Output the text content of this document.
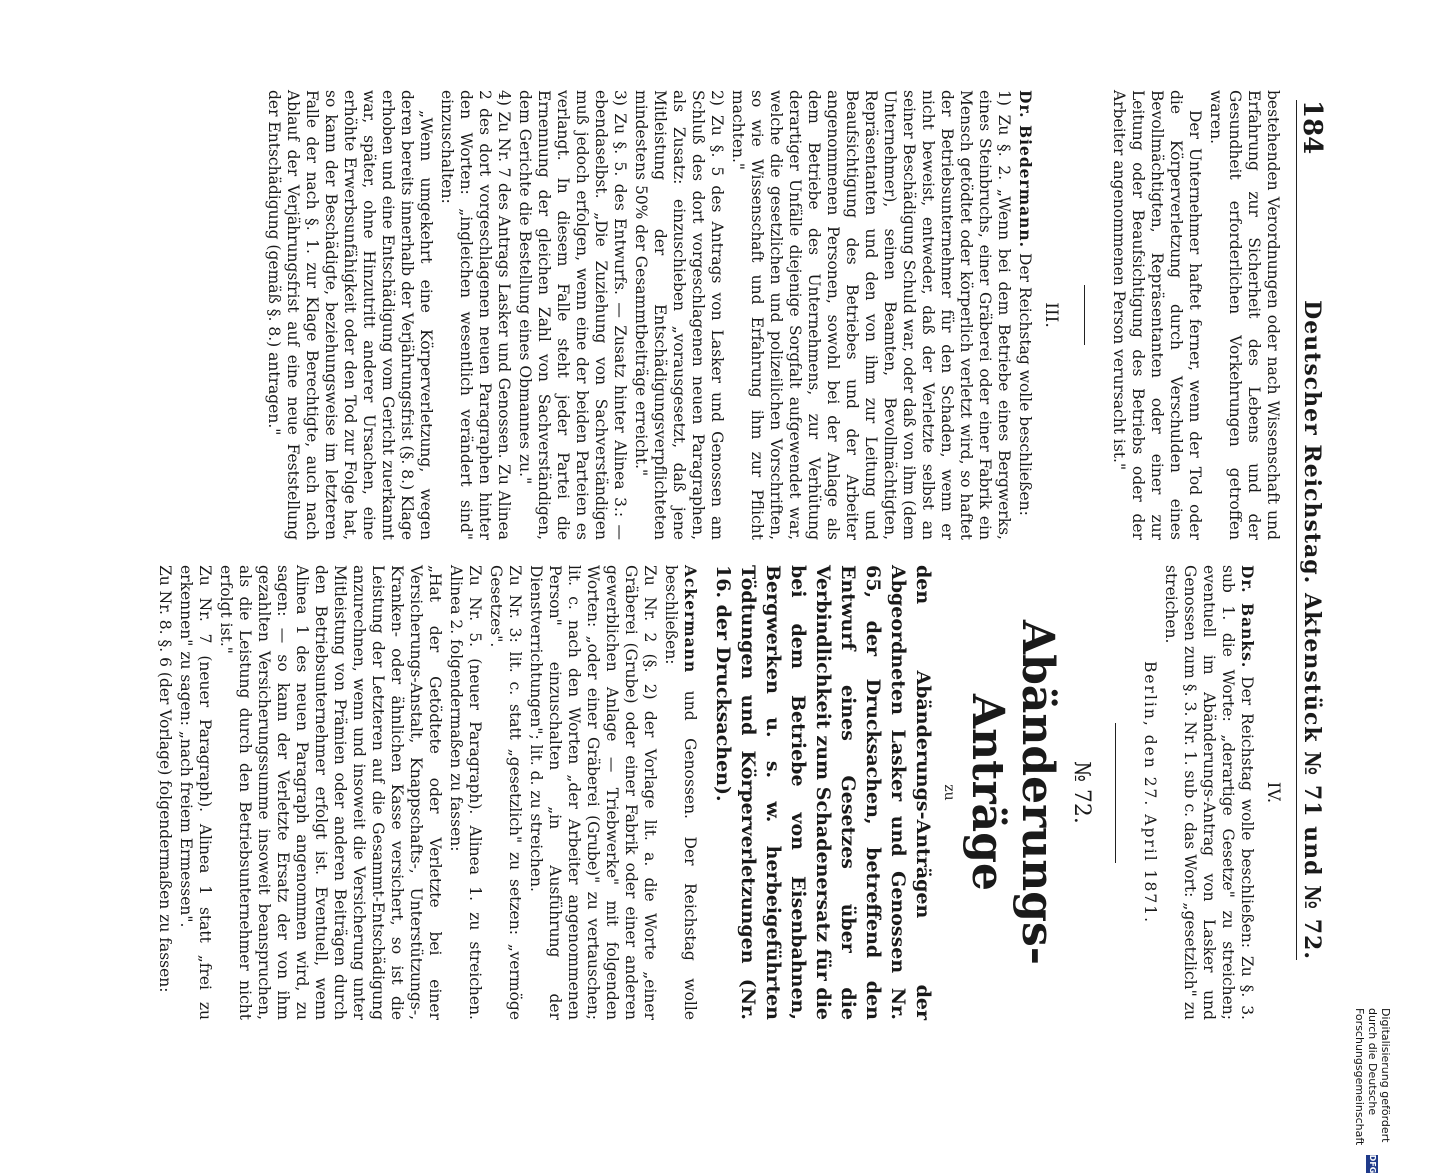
184
Deutscher Reichstag. Aktenstück № 71 und № 72.

bestehenden Verordnungen oder nach Wissenschaft und Erfahrung zur Sicherheit des Lebens und der Gesundheit erforderlichen Vorkehrungen getroffen waren.

Der Unternehmer haftet ferner, wenn der Tod oder die Körperverletzung durch Verschulden eines Bevollmächtigten, Repräsentanten oder einer zur Leitung oder Beaufsichtigung des Betriebs oder der Arbeiter angenommenen Person verursacht ist."

III.

Dr. Biedermann. Der Reichstag wolle beschließen:

1) Zu §. 2. „Wenn bei dem Betriebe eines Bergwerks, eines Steinbruchs, einer Gräberei oder einer Fabrik ein Mensch getödtet oder körperlich verletzt wird, so haftet der Betriebsunternehmer für den Schaden, wenn er nicht beweist, entweder, daß der Verletzte selbst an seiner Beschädigung Schuld war, oder daß von ihm (dem Unternehmer), seinen Beamten, Bevollmächtigten, Repräsentanten und den von ihm zur Leitung und Beaufsichtigung des Betriebes und der Arbeiter angenommenen Personen, sowohl bei der Anlage als dem Betriebe des Unternehmens, zur Verhütung derartiger Unfälle diejenige Sorgfalt aufgewendet war, welche die gesetzlichen und polizeilichen Vorschriften, so wie Wissenschaft und Erfahrung ihm zur Pflicht machten."

2) Zu §. 5 des Antrags von Lasker und Genossen am Schluß des dort vorgeschlagenen neuen Paragraphen, als Zusatz: einzuschieben „vorausgesetzt, daß jene Mitleistung der Entschädigungsverpflichteten mindestens 50% der Gesammtbeiträge erreicht."

3) Zu §. 5. des Entwurfs. — Zusatz hinter Alinea 3.: — ebendaselbst. „Die Zuziehung von Sachverständigen muß jedoch erfolgen, wenn eine der beiden Parteien es verlangt. In diesem Falle steht jeder Partei die Ernennung der gleichen Zahl von Sachverständigen, dem Gerichte die Bestellung eines Obmannes zu."

4) Zu Nr. 7 des Antrags Lasker und Genossen. Zu Alinea 2 des dort vorgeschlagenen neuen Paragraphen hinter den Worten: „ingleichen wesentlich verändert sind" einzuschalten:

„Wenn umgekehrt eine Körperverletzung, wegen deren bereits innerhalb der Verjährungsfrist (§. 8.) Klage erhoben und eine Entschädigung vom Gericht zuerkannt war, später, ohne Hinzutritt anderer Ursachen, eine erhöhte Erwerbsunfähigkeit oder den Tod zur Folge hat, so kann der Beschädigte, beziehungsweise im letzteren Falle der nach §. 1. zur Klage Berechtigte, auch nach Ablauf der Verjährungsfrist auf eine neue Feststellung der Entschädigung (gemäß §. 8.) antragen."

IV.

Dr. Banks. Der Reichstag wolle beschließen: Zu §. 3. sub 1. die Worte: „derartige Gesetze" zu streichen; eventuell im Abänderungs-Antrag von Lasker und Genossen zum §. 3. Nr. 1. sub c. das Wort: „gesetzlich" zu streichen.

Berlin, den 27. April 1871.

№ 72.
Abänderungs-Anträge
zu
den Abänderungs-Anträgen der Abgeordneten Lasker und Genossen Nr. 65, der Drucksachen, betreffend den Entwurf eines Gesetzes über die Verbindlichkeit zum Schadenersatz für die bei dem Betriebe von Eisenbahnen, Bergwerken u. s. w. herbeigeführten Tödtungen und Körperverletzungen (Nr. 16. der Drucksachen).

Ackermann und Genossen. Der Reichstag wolle beschließen:

Zu Nr. 2 (§. 2) der Vorlage lit. a. die Worte „einer Gräberei (Grube) oder einer Fabrik oder einer anderen gewerblichen Anlage — Triebwerke" mit folgenden Worten: „oder einer Gräberei (Grube)" zu vertauschen; lit. c. nach den Worten „der Arbeiter angenommenen Person" einzuschalten „in Ausführung der Dienstverrichtungen"; lit. d. zu streichen.

Zu Nr. 3: lit. c. statt „gesetzlich" zu setzen: „vermöge Gesetzes".

Zu Nr. 5. (neuer Paragraph). Alinea 1. zu streichen. Alinea 2. folgendermaßen zu fassen:

„Hat der Getödtete oder Verletzte bei einer Versicherungs-Anstalt, Knappschafts-, Unterstützungs-, Kranken- oder ähnlichen Kasse versichert, so ist die Leistung der Letzteren auf die Gesammt-Entschädigung anzurechnen, wenn und insoweit die Versicherung unter Mitleistung von Prämien oder anderen Beiträgen durch den Betriebsunternehmer erfolgt ist. Eventuell, wenn Alinea 1 des neuen Paragraph angenommen wird, zu sagen: — so kann der Verletzte Ersatz der von ihm gezahlten Versicherungssumme insoweit beanspruchen, als die Leistung durch den Betriebsunternehmer nicht erfolgt ist."

Zu Nr. 7 (neuer Paragraph). Alinea 1 statt „frei zu erkennen" zu sagen: „nach freiem Ermessen".

Zu Nr. 8. §. 6 (der Vorlage) folgendermaßen zu fassen:

Digitalisierung gefördert durch die Deutsche Forschungsgemeinschaft
DFG
